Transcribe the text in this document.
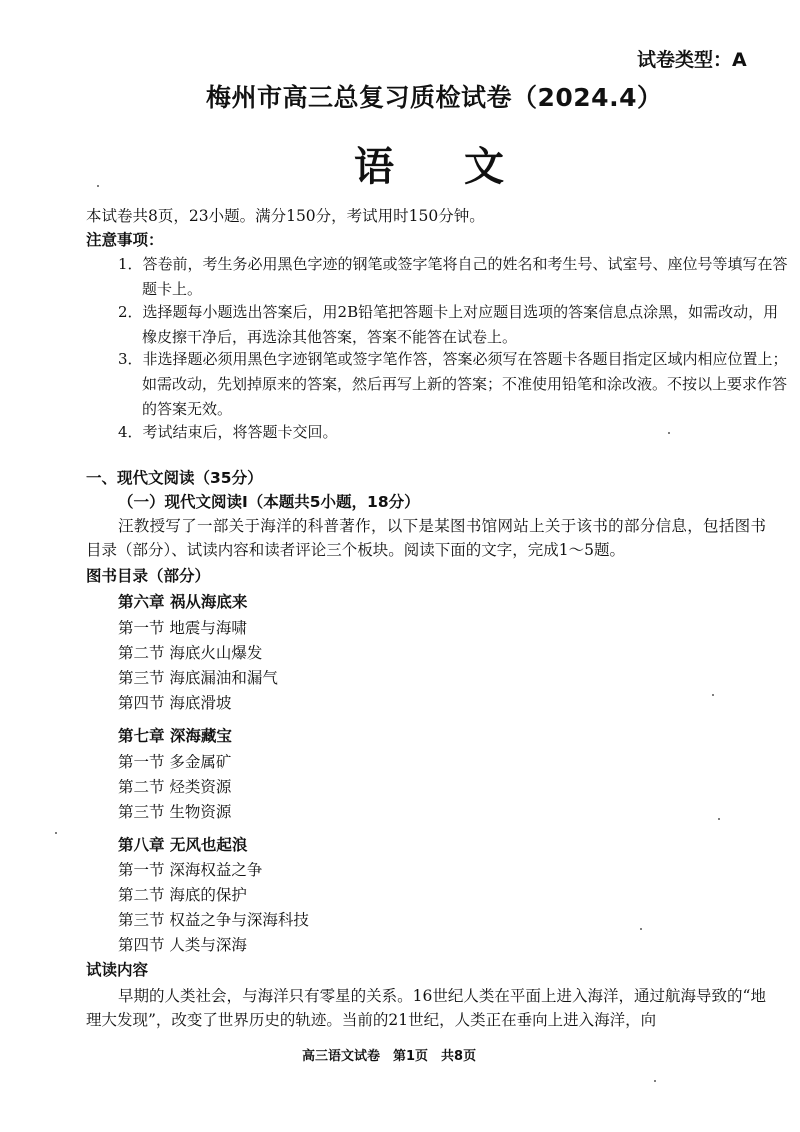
试卷类型：A
梅州市高三总复习质检试卷（2024.4）
语文
本试卷共8页，23小题。满分150分，考试用时150分钟。
注意事项：
1．答卷前，考生务必用黑色字迹的钢笔或签字笔将自己的姓名和考生号、试室号、座位号等填写在答题卡上。
2．选择题每小题选出答案后，用2B铅笔把答题卡上对应题目选项的答案信息点涂黑，如需改动，用橡皮擦干净后，再选涂其他答案，答案不能答在试卷上。
3．非选择题必须用黑色字迹钢笔或签字笔作答，答案必须写在答题卡各题目指定区域内相应位置上；如需改动，先划掉原来的答案，然后再写上新的答案；不准使用铅笔和涂改液。不按以上要求作答的答案无效。
4．考试结束后，将答题卡交回。
一、现代文阅读（35分）
（一）现代文阅读Ⅰ（本题共5小题，18分）
汪教授写了一部关于海洋的科普著作，以下是某图书馆网站上关于该书的部分信息，包括图书目录（部分）、试读内容和读者评论三个板块。阅读下面的文字，完成1～5题。
图书目录（部分）
第六章 祸从海底来
第一节 地震与海啸
第二节 海底火山爆发
第三节 海底漏油和漏气
第四节 海底滑坡
第七章 深海藏宝
第一节 多金属矿
第二节 烃类资源
第三节 生物资源
第八章 无风也起浪
第一节 深海权益之争
第二节 海底的保护
第三节 权益之争与深海科技
第四节 人类与深海
试读内容
早期的人类社会，与海洋只有零星的关系。16世纪人类在平面上进入海洋，通过航海导致的“地理大发现”，改变了世界历史的轨迹。当前的21世纪，人类正在垂向上进入海洋，向
高三语文试卷　第1页　共8页
